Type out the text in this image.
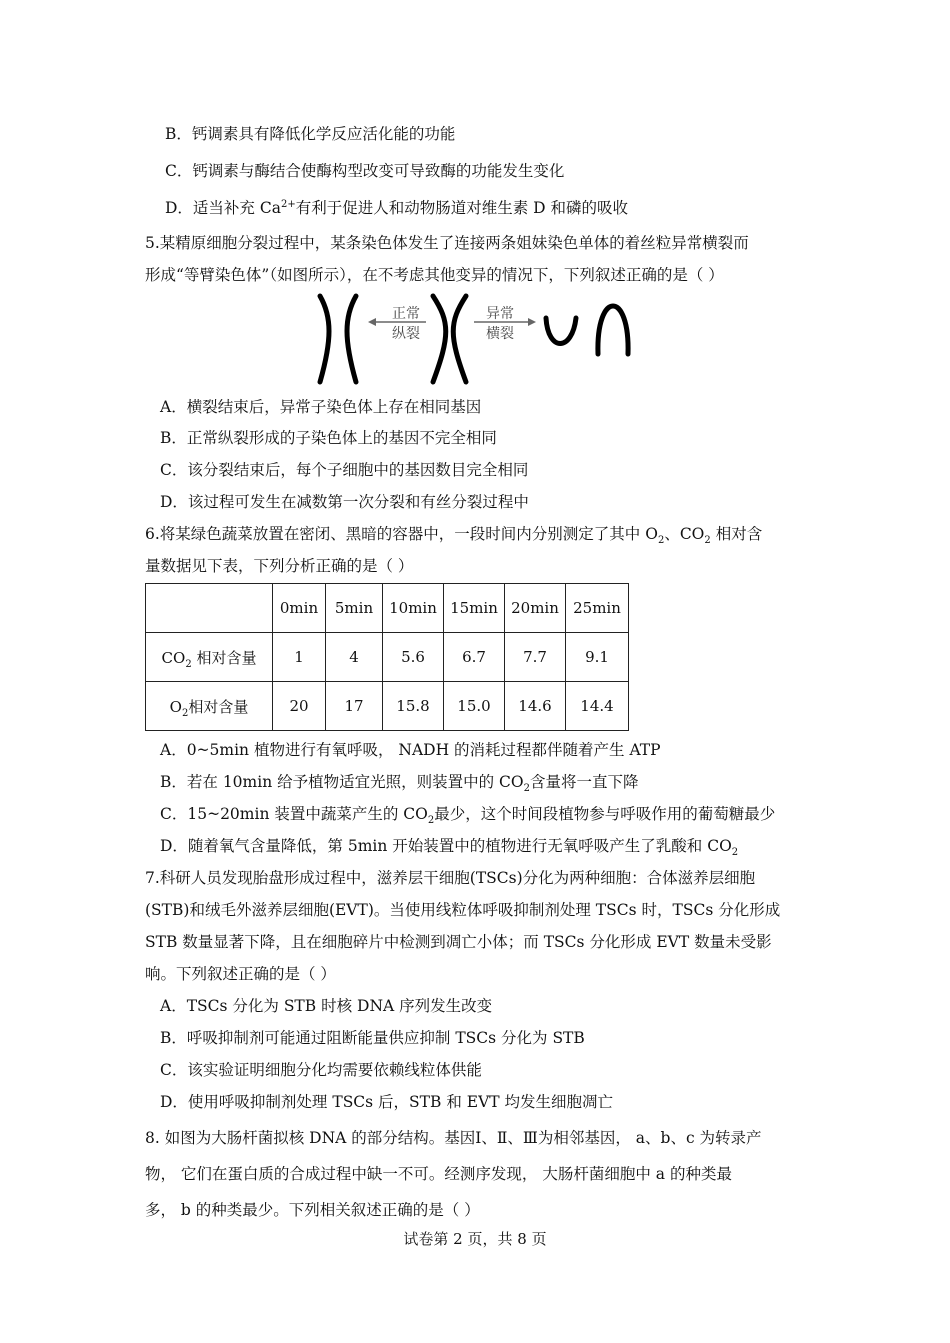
B．钙调素具有降低化学反应活化能的功能
C．钙调素与酶结合使酶构型改变可导致酶的功能发生变化
D．适当补充 $Ca^{2+}$有利于促进人和动物肠道对维生素 D 和磷的吸收
5.某精原细胞分裂过程中，某条染色体发生了连接两条姐妹染色单体的着丝粒异常横裂而
形成“等臂染色体”（如图所示），在不考虑其他变异的情况下，下列叙述正确的是（ ）
正常
纵裂
异常
横裂
A．横裂结束后，异常子染色体上存在相同基因
B．正常纵裂形成的子染色体上的基因不完全相同
C．该分裂结束后，每个子细胞中的基因数目完全相同
D．该过程可发生在减数第一次分裂和有丝分裂过程中
6.将某绿色蔬菜放置在密闭、黑暗的容器中，一段时间内分别测定了其中 $O_2$、$CO_2$ 相对含
量数据见下表，下列分析正确的是（ ）
	0min	5min	10min	15min	20min	25min
$CO_2$ 相对含量	1	4	5.6	6.7	7.7	9.1
$O_2$相对含量	20	17	15.8	15.0	14.6	14.4
A．0~5min 植物进行有氧呼吸， NADH 的消耗过程都伴随着产生 ATP
B．若在 10min 给予植物适宜光照，则装置中的 $CO_2$含量将一直下降
C．15~20min 装置中蔬菜产生的 $CO_2$最少，这个时间段植物参与呼吸作用的葡萄糖最少
D．随着氧气含量降低，第 5min 开始装置中的植物进行无氧呼吸产生了乳酸和 $CO_2$
7.科研人员发现胎盘形成过程中，滋养层干细胞(TSCs)分化为两种细胞：合体滋养层细胞
(STB)和绒毛外滋养层细胞(EVT)。当使用线粒体呼吸抑制剂处理 TSCs 时，TSCs 分化形成
STB 数量显著下降，且在细胞碎片中检测到凋亡小体；而 TSCs 分化形成 EVT 数量未受影
响。下列叙述正确的是（ ）
A．TSCs 分化为 STB 时核 DNA 序列发生改变
B．呼吸抑制剂可能通过阻断能量供应抑制 TSCs 分化为 STB
C．该实验证明细胞分化均需要依赖线粒体供能
D．使用呼吸抑制剂处理 TSCs 后，STB 和 EVT 均发生细胞凋亡
8. 如图为大肠杆菌拟核 DNA 的部分结构。基因Ⅰ、Ⅱ、Ⅲ为相邻基因， a、b、c 为转录产
物， 它们在蛋白质的合成过程中缺一不可。经测序发现， 大肠杆菌细胞中 a 的种类最
多， b 的种类最少。下列相关叙述正确的是（ ）
试卷第 2 页，共 8 页
